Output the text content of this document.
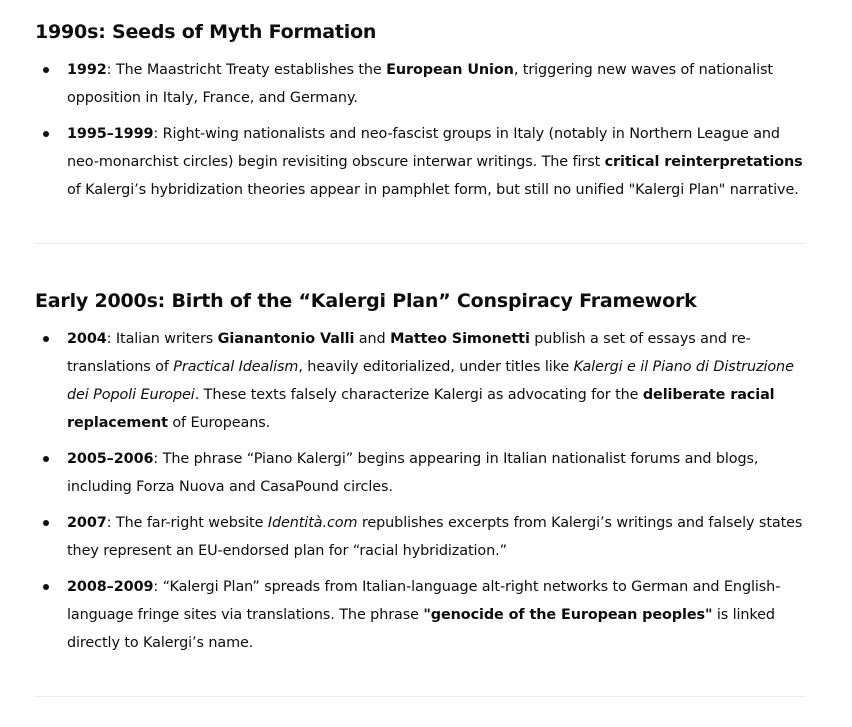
1990s: Seeds of Myth Formation
1992: The Maastricht Treaty establishes the European Union, triggering new waves of nationalist opposition in Italy, France, and Germany.
1995–1999: Right-wing nationalists and neo-fascist groups in Italy (notably in Northern League and neo-monarchist circles) begin revisiting obscure interwar writings. The first critical reinterpretations of Kalergi’s hybridization theories appear in pamphlet form, but still no unified "Kalergi Plan" narrative.
Early 2000s: Birth of the “Kalergi Plan” Conspiracy Framework
2004: Italian writers Gianantonio Valli and Matteo Simonetti publish a set of essays and re-translations of Practical Idealism, heavily editorialized, under titles like Kalergi e il Piano di Distruzione dei Popoli Europei. These texts falsely characterize Kalergi as advocating for the deliberate racial replacement of Europeans.
2005–2006: The phrase “Piano Kalergi” begins appearing in Italian nationalist forums and blogs, including Forza Nuova and CasaPound circles.
2007: The far-right website Identità.com republishes excerpts from Kalergi’s writings and falsely states they represent an EU-endorsed plan for “racial hybridization.”
2008–2009: “Kalergi Plan” spreads from Italian-language alt-right networks to German and English-language fringe sites via translations. The phrase "genocide of the European peoples" is linked directly to Kalergi’s name.
